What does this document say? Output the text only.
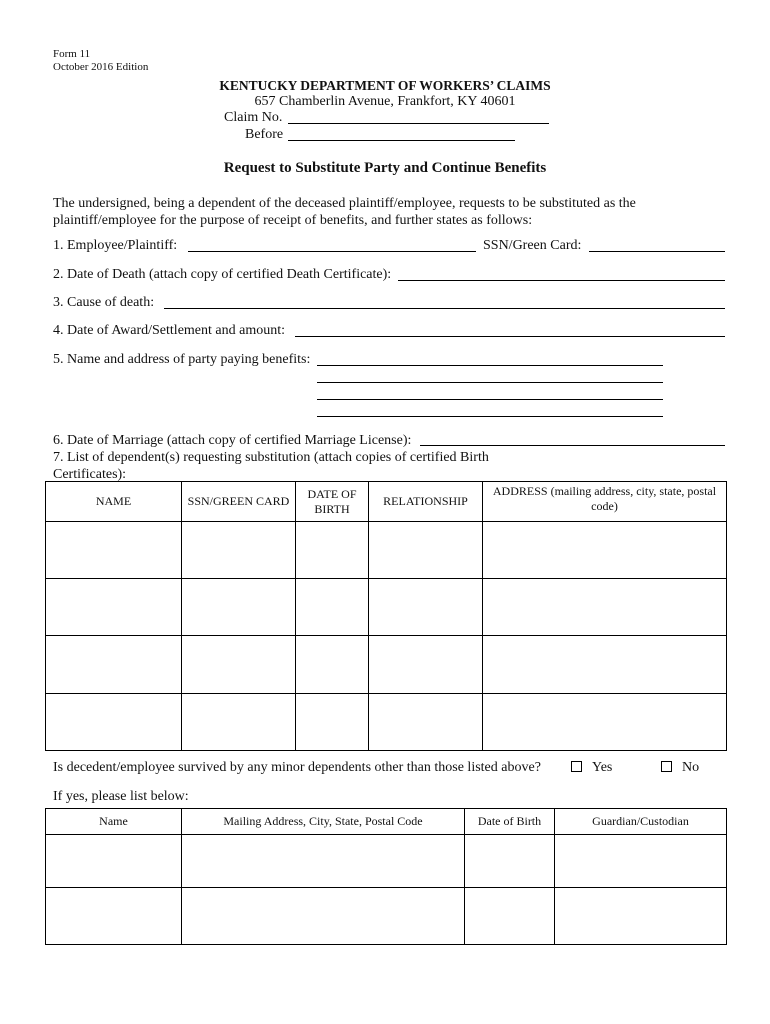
Form 11
October 2016 Edition
KENTUCKY DEPARTMENT OF WORKERS’ CLAIMS
657 Chamberlin Avenue, Frankfort, KY 40601
Claim No.
Before
Request to Substitute Party and Continue Benefits
The undersigned, being a dependent of the deceased plaintiff/employee, requests to be substituted as the plaintiff/employee for the purpose of receipt of benefits, and further states as follows:
1. Employee/Plaintiff:	SSN/Green Card:
2. Date of Death (attach copy of certified Death Certificate):
3. Cause of death:
4. Date of Award/Settlement and amount:
5. Name and address of party paying benefits:
6. Date of Marriage (attach copy of certified Marriage License):
7. List of dependent(s) requesting substitution (attach copies of certified Birth Certificates):
NAME	SSN/GREEN CARD	DATE OF BIRTH	RELATIONSHIP	ADDRESS (mailing address, city, state, postal code)

Is decedent/employee survived by any minor dependents other than those listed above?	Yes	No
If yes, please list below:
Name	Mailing Address, City, State, Postal Code	Date of Birth	Guardian/Custodian
